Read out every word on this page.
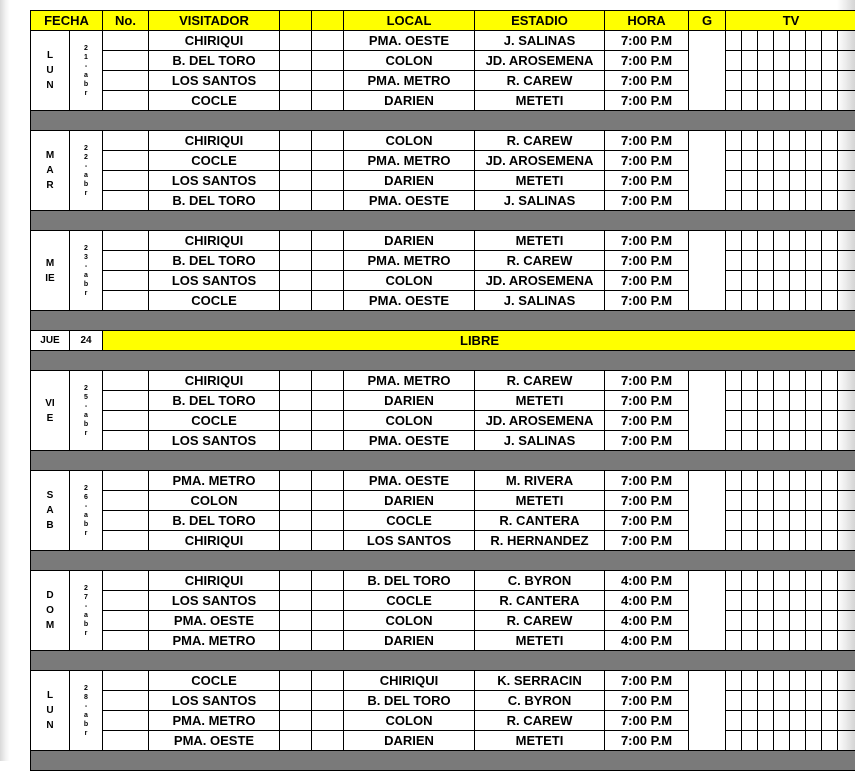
FECHA		No.	VISITADOR			LOCAL	ESTADIO	HORA	G	TV							
LUN	21-abr		CHIRIQUI			PMA. OESTE	J. SALINAS	7:00 P.M									
			B. DEL TORO			COLON	JD. AROSEMENA	7:00 P.M									
			LOS SANTOS			PMA. METRO	R. CAREW	7:00 P.M									
			COCLE			DARIEN	METETI	7:00 P.M									

MAR	22-abr		CHIRIQUI			COLON	R. CAREW	7:00 P.M									
			COCLE			PMA. METRO	JD. AROSEMENA	7:00 P.M									
			LOS SANTOS			DARIEN	METETI	7:00 P.M									
			B. DEL TORO			PMA. OESTE	J. SALINAS	7:00 P.M									

MIE	23-abr		CHIRIQUI			DARIEN	METETI	7:00 P.M									
			B. DEL TORO			PMA. METRO	R. CAREW	7:00 P.M									
			LOS SANTOS			COLON	JD. AROSEMENA	7:00 P.M									
			COCLE			PMA. OESTE	J. SALINAS	7:00 P.M									

JUE	24	LIBRE															

VIE	25-abr		CHIRIQUI			PMA. METRO	R. CAREW	7:00 P.M									
			B. DEL TORO			DARIEN	METETI	7:00 P.M									
			COCLE			COLON	JD. AROSEMENA	7:00 P.M									
			LOS SANTOS			PMA. OESTE	J. SALINAS	7:00 P.M									

SAB	26-abr		PMA. METRO			PMA. OESTE	M. RIVERA	7:00 P.M									
			COLON			DARIEN	METETI	7:00 P.M									
			B. DEL TORO			COCLE	R. CANTERA	7:00 P.M									
			CHIRIQUI			LOS SANTOS	R. HERNANDEZ	7:00 P.M									

DOM	27-abr		CHIRIQUI			B. DEL TORO	C. BYRON	4:00 P.M									
			LOS SANTOS			COCLE	R. CANTERA	4:00 P.M									
			PMA. OESTE			COLON	R. CAREW	4:00 P.M									
			PMA. METRO			DARIEN	METETI	4:00 P.M									

LUN	28-abr		COCLE			CHIRIQUI	K. SERRACIN	7:00 P.M									
			LOS SANTOS			B. DEL TORO	C. BYRON	7:00 P.M									
			PMA. METRO			COLON	R. CAREW	7:00 P.M									
			PMA. OESTE			DARIEN	METETI	7:00 P.M									
